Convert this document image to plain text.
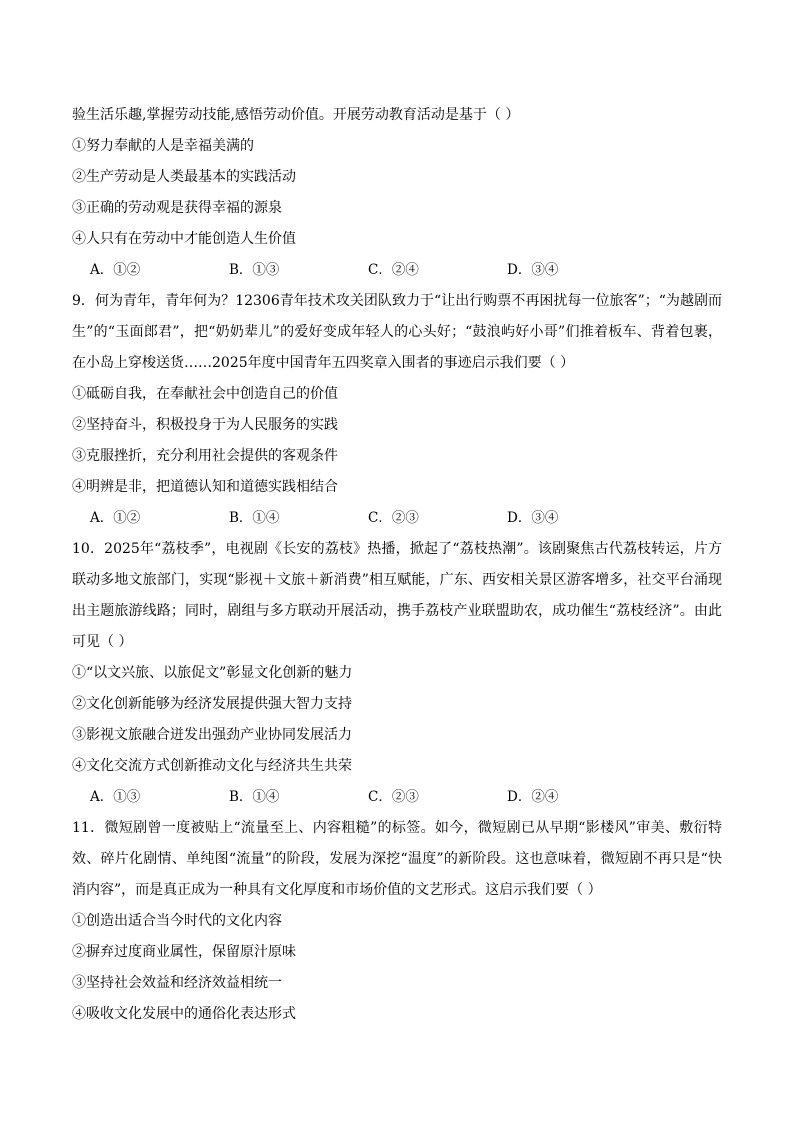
验生活乐趣,掌握劳动技能,感悟劳动价值。开展劳动教育活动是基于（ ）
①努力奉献的人是幸福美满的
②生产劳动是人类最基本的实践活动
③正确的劳动观是获得幸福的源泉
④人只有在劳动中才能创造人生价值
A．①②	B．①③	C．②④	D．③④
9．何为青年，青年何为？12306青年技术攻关团队致力于“让出行购票不再困扰每一位旅客”；“为越剧而生”的“玉面郎君”，把“奶奶辈儿”的爱好变成年轻人的心头好；“鼓浪屿好小哥”们推着板车、背着包裹，在小岛上穿梭送货……2025年度中国青年五四奖章入围者的事迹启示我们要（ ）
①砥砺自我，在奉献社会中创造自己的价值
②坚持奋斗，积极投身于为人民服务的实践
③克服挫折，充分利用社会提供的客观条件
④明辨是非，把道德认知和道德实践相结合
A．①②	B．①④	C．②③	D．③④
10．2025年“荔枝季”，电视剧《长安的荔枝》热播，掀起了“荔枝热潮”。该剧聚焦古代荔枝转运，片方联动多地文旅部门，实现“影视＋文旅＋新消费”相互赋能，广东、西安相关景区游客增多，社交平台涌现出主题旅游线路；同时，剧组与多方联动开展活动，携手荔枝产业联盟助农，成功催生“荔枝经济”。由此可见（ ）
①“以文兴旅、以旅促文”彰显文化创新的魅力
②文化创新能够为经济发展提供强大智力支持
③影视文旅融合迸发出强劲产业协同发展活力
④文化交流方式创新推动文化与经济共生共荣
A．①③	B．①④	C．②③	D．②④
11．微短剧曾一度被贴上“流量至上、内容粗糙”的标签。如今，微短剧已从早期“影楼风”审美、敷衍特效、碎片化剧情、单纯图“流量”的阶段，发展为深挖“温度”的新阶段。这也意味着，微短剧不再只是“快消内容”，而是真正成为一种具有文化厚度和市场价值的文艺形式。这启示我们要（ ）
①创造出适合当今时代的文化内容
②摒弃过度商业属性，保留原汁原味
③坚持社会效益和经济效益相统一
④吸收文化发展中的通俗化表达形式
